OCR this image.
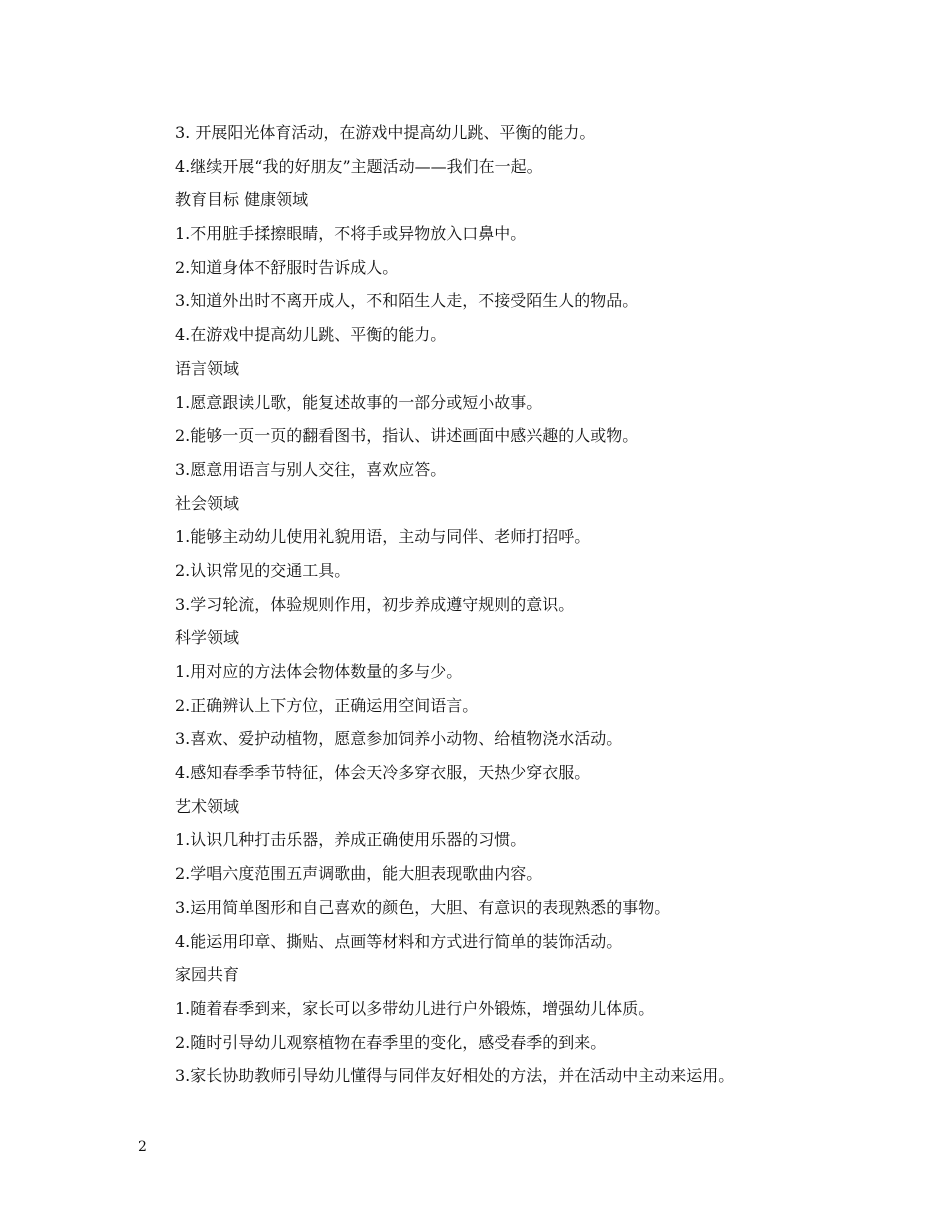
3. 开展阳光体育活动，在游戏中提高幼儿跳、平衡的能力。
4.继续开展“我的好朋友”主题活动——我们在一起。
教育目标 健康领域
1.不用脏手揉擦眼睛，不将手或异物放入口鼻中。
2.知道身体不舒服时告诉成人。
3.知道外出时不离开成人，不和陌生人走，不接受陌生人的物品。
4.在游戏中提高幼儿跳、平衡的能力。
语言领域
1.愿意跟读儿歌，能复述故事的一部分或短小故事。
2.能够一页一页的翻看图书，指认、讲述画面中感兴趣的人或物。
3.愿意用语言与别人交往，喜欢应答。
社会领域
1.能够主动幼儿使用礼貌用语，主动与同伴、老师打招呼。
2.认识常见的交通工具。
3.学习轮流，体验规则作用，初步养成遵守规则的意识。
科学领域
1.用对应的方法体会物体数量的多与少。
2.正确辨认上下方位，正确运用空间语言。
3.喜欢、爱护动植物，愿意参加饲养小动物、给植物浇水活动。
4.感知春季季节特征，体会天冷多穿衣服，天热少穿衣服。
艺术领域
1.认识几种打击乐器，养成正确使用乐器的习惯。
2.学唱六度范围五声调歌曲，能大胆表现歌曲内容。
3.运用简单图形和自己喜欢的颜色，大胆、有意识的表现熟悉的事物。
4.能运用印章、撕贴、点画等材料和方式进行简单的装饰活动。
家园共育
1.随着春季到来，家长可以多带幼儿进行户外锻炼，增强幼儿体质。
2.随时引导幼儿观察植物在春季里的变化，感受春季的到来。
3.家长协助教师引导幼儿懂得与同伴友好相处的方法，并在活动中主动来运用。
2
